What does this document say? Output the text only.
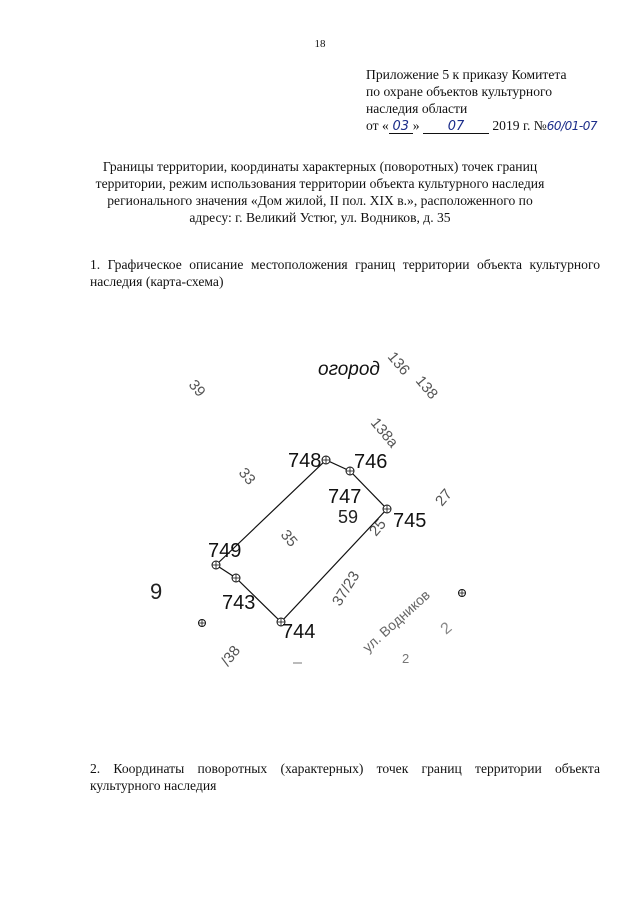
18
Приложение 5 к приказу Комитета
по охране объектов культурного
наследия области
от « 03 » 07 2019 г. №60/01-07
Границы территории, координаты характерных (поворотных) точек границ территории, режим использования территории объекта культурного наследия регионального значения «Дом жилой, II пол. XIX в.», расположенного по адресу: г. Великий Устюг, ул. Водников, д. 35
1. Графическое описание местоположения границ территории объекта культурного наследия (карта-схема)
огород 136
138
138а
39
33
35
59 25
27
9	37/23
/38	2
ул. Водников 2
748 746
747
745
749
743
744
2. Координаты поворотных (характерных) точек границ территории объекта культурного наследия
